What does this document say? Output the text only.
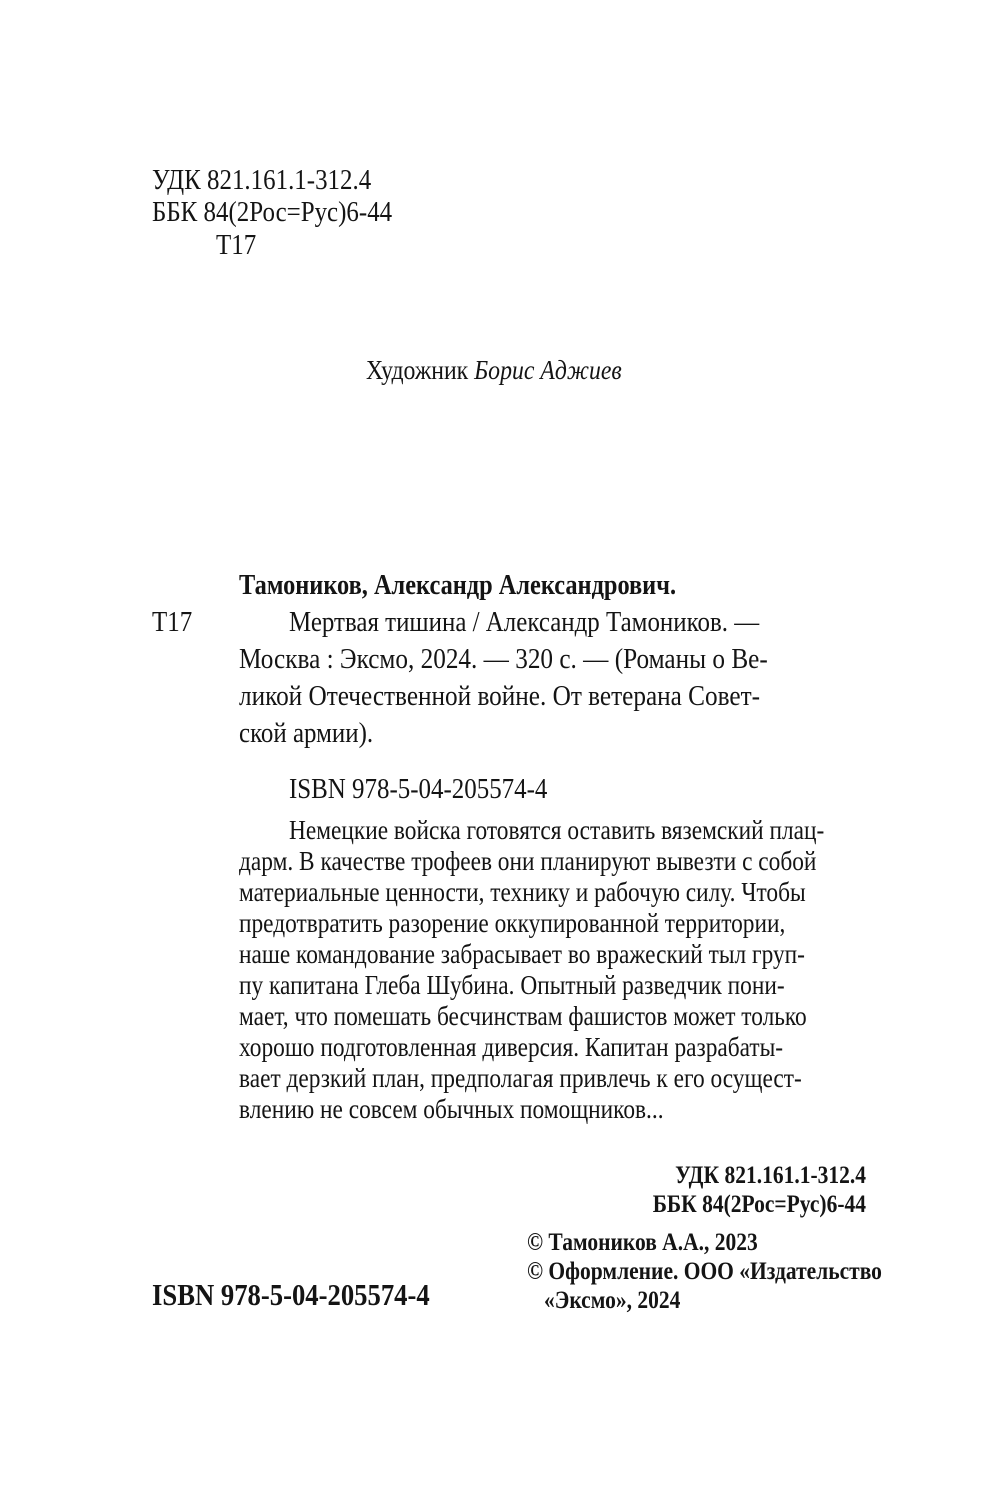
УДК 821.161.1-312.4
ББК 84(2Рос=Рус)6-44
Т17
Художник Борис Аджиев
Тамоников, Александр Александрович.
Т17	Мертвая тишина / Александр Тамоников. —
Москва : Эксмо, 2024. — 320 с. — (Романы о Ве-
ликой Отечественной войне. От ветерана Совет-
ской армии).
ISBN 978-5-04-205574-4
Немецкие войска готовятся оставить вяземский плац-
дарм. В качестве трофеев они планируют вывезти с собой
материальные ценности, технику и рабочую силу. Чтобы
предотвратить разорение оккупированной территории,
наше командование забрасывает во вражеский тыл груп-
пу капитана Глеба Шубина. Опытный разведчик пони-
мает, что помешать бесчинствам фашистов может только
хорошо подготовленная диверсия. Капитан разрабаты-
вает дерзкий план, предполагая привлечь к его осущест-
влению не совсем обычных помощников...
УДК 821.161.1-312.4
ББК 84(2Рос=Рус)6-44
© Тамоников А.А., 2023
© Оформление. ООО «Издательство
«Эксмо», 2024
ISBN 978-5-04-205574-4
